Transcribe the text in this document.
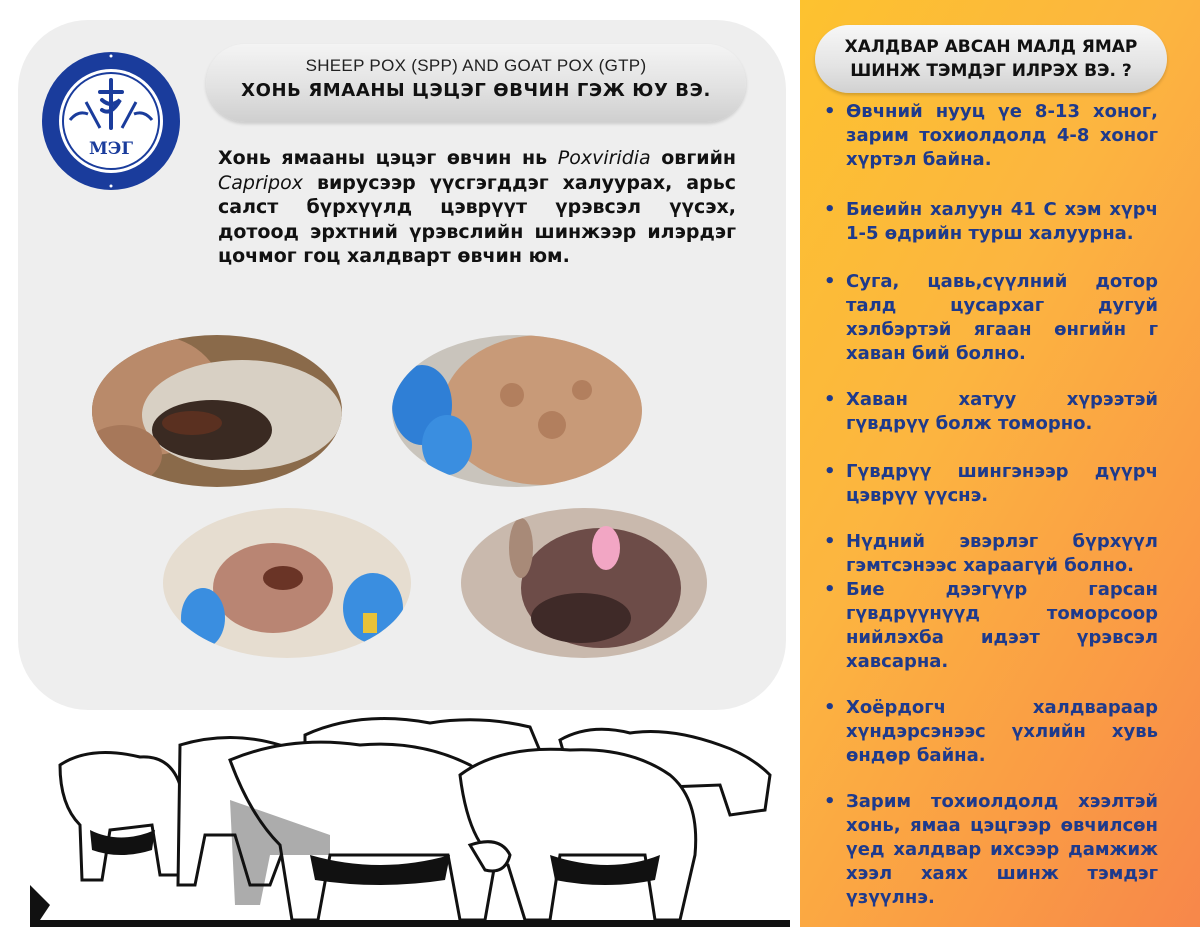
МЭГ
SHEEP POX (SPP) AND GOAT POX (GTP)
ХОНЬ ЯМААНЫ ЦЭЦЭГ ӨВЧИН ГЭЖ ЮУ ВЭ.
Хонь ямааны цэцэг өвчин нь Poxviridia овгийн Capripox вирусээр үүсгэгддэг халуурах, арьс салст бүрхүүлд цэврүүт үрэвсэл үүсэх, дотоод эрхтний үрэвслийн шинжээр илэрдэг цочмог гоц халдварт өвчин юм.
ХАЛДВАР АВСАН МАЛД ЯМАР ШИНЖ ТЭМДЭГ ИЛРЭХ ВЭ. ?
• Өвчний нууц үе 8-13 хоног, зарим тохиолдолд 4-8 хоног хүртэл байна.
• Биеийн халуун 41 С хэм хүрч 1-5 өдрийн турш халуурна.
• Суга, цавь,сүүлний дотор талд цусархаг дугуй хэлбэртэй ягаан өнгийн г хаван бий болно.
• Хаван хатуу хүрээтэй гүвдрүү болж томорно.
• Гүвдрүү шингэнээр дүүрч цэврүү үүснэ.
• Нүдний эвэрлэг бүрхүүл гэмтсэнээс хараагүй болно.
• Бие дээгүүр гарсан гүвдрүүнүүд томорсоор нийлэхба идээт үрэвсэл хавсарна.
• Хоёрдогч халдвараар хүндэрсэнээс үхлийн хувь өндөр байна.
• Зарим тохиолдолд хээлтэй хонь, ямаа цэцгээр өвчилсөн үед халдвар ихсээр дамжиж хээл хаях шинж тэмдэг үзүүлнэ.
